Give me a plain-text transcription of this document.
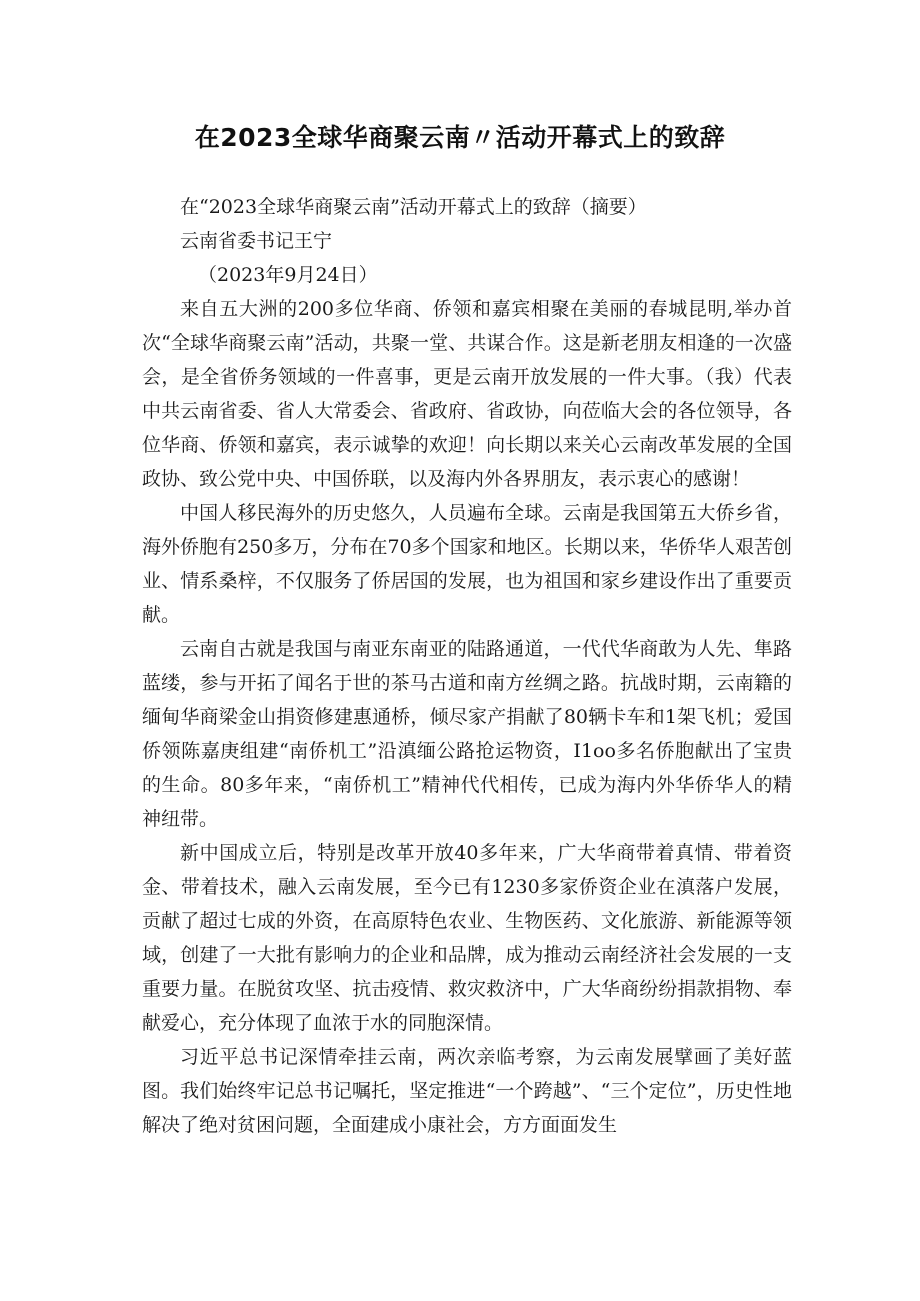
在2023全球华商聚云南〃活动开幕式上的致辞

在“2023全球华商聚云南”活动开幕式上的致辞（摘要）

云南省委书记王宁

（2023年9月24日）

来自五大洲的200多位华商、侨领和嘉宾相聚在美丽的春城昆明,举办首次“全球华商聚云南”活动，共聚一堂、共谋合作。这是新老朋友相逢的一次盛会，是全省侨务领域的一件喜事，更是云南开放发展的一件大事。（我）代表中共云南省委、省人大常委会、省政府、省政协，向莅临大会的各位领导，各位华商、侨领和嘉宾，表示诚挚的欢迎！向长期以来关心云南改革发展的全国政协、致公党中央、中国侨联，以及海内外各界朋友，表示衷心的感谢！

中国人移民海外的历史悠久，人员遍布全球。云南是我国第五大侨乡省，海外侨胞有250多万，分布在70多个国家和地区。长期以来，华侨华人艰苦创业、情系桑梓，不仅服务了侨居国的发展，也为祖国和家乡建设作出了重要贡献。

云南自古就是我国与南亚东南亚的陆路通道，一代代华商敢为人先、隼路蓝缕，参与开拓了闻名于世的茶马古道和南方丝绸之路。抗战时期，云南籍的缅甸华商梁金山捐资修建惠通桥，倾尽家产捐献了80辆卡车和1架飞机；爱国侨领陈嘉庚组建“南侨机工”沿滇缅公路抢运物资，I1oo多名侨胞献出了宝贵的生命。80多年来，“南侨机工”精神代代相传，已成为海内外华侨华人的精神纽带。

新中国成立后，特别是改革开放40多年来，广大华商带着真情、带着资金、带着技术，融入云南发展，至今已有1230多家侨资企业在滇落户发展，贡献了超过七成的外资，在高原特色农业、生物医药、文化旅游、新能源等领域，创建了一大批有影响力的企业和品牌，成为推动云南经济社会发展的一支重要力量。在脱贫攻坚、抗击疫情、救灾救济中，广大华商纷纷捐款捐物、奉献爱心，充分体现了血浓于水的同胞深情。

习近平总书记深情牵挂云南，两次亲临考察，为云南发展擘画了美好蓝图。我们始终牢记总书记嘱托，坚定推进“一个跨越”、“三个定位”，历史性地解决了绝对贫困问题，全面建成小康社会，方方面面发生
